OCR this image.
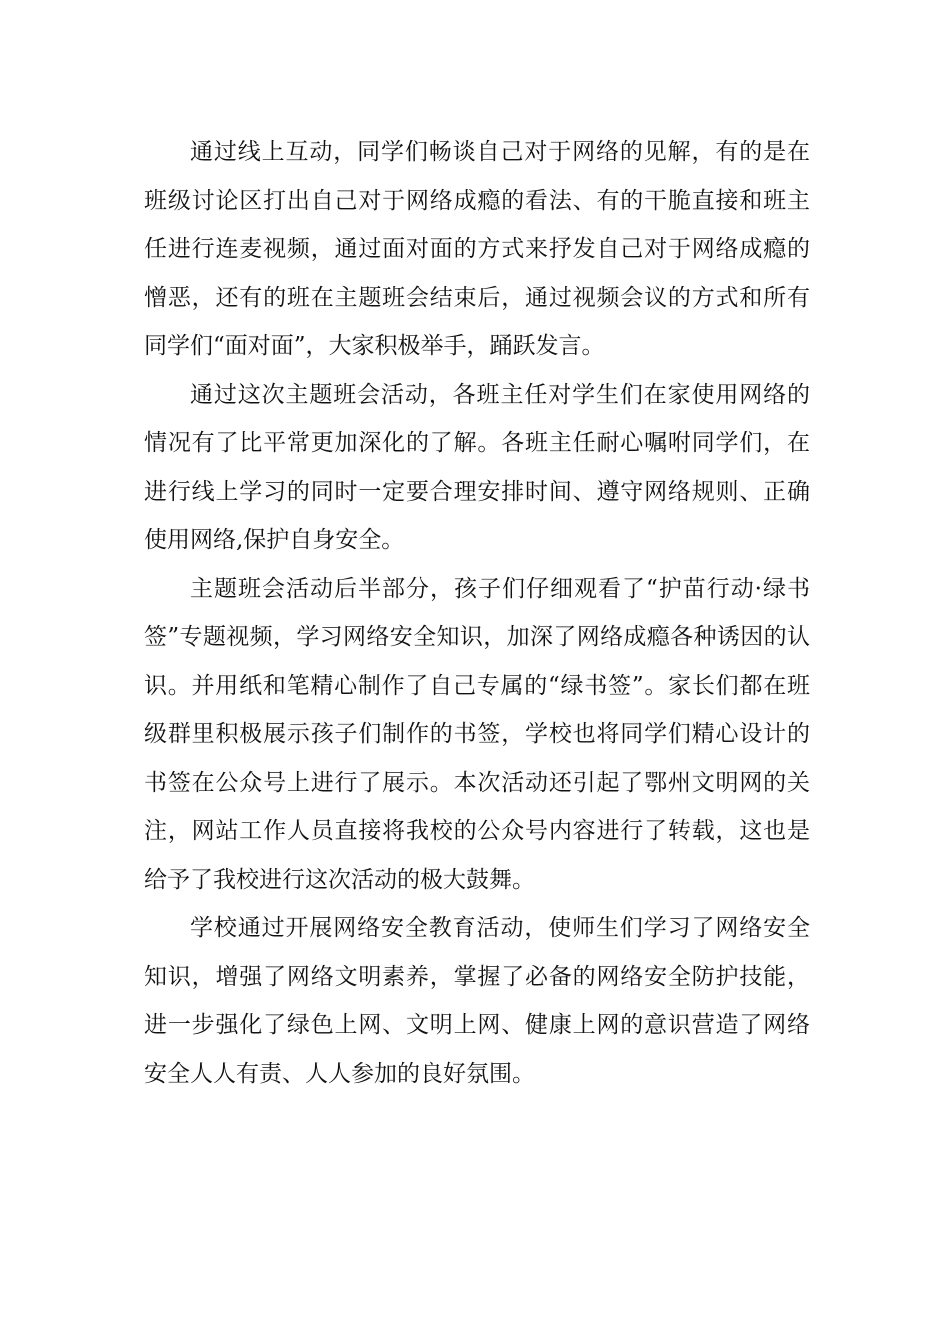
通过线上互动，同学们畅谈自己对于网络的见解，有的是在班级讨论区打出自己对于网络成瘾的看法、有的干脆直接和班主任进行连麦视频，通过面对面的方式来抒发自己对于网络成瘾的憎恶，还有的班在主题班会结束后，通过视频会议的方式和所有同学们“面对面”，大家积极举手，踊跃发言。

通过这次主题班会活动，各班主任对学生们在家使用网络的情况有了比平常更加深化的了解。各班主任耐心嘱咐同学们，在进行线上学习的同时一定要合理安排时间、遵守网络规则、正确使用网络,保护自身安全。

主题班会活动后半部分，孩子们仔细观看了“护苗行动·绿书签”专题视频，学习网络安全知识，加深了网络成瘾各种诱因的认识。并用纸和笔精心制作了自己专属的“绿书签”。家长们都在班级群里积极展示孩子们制作的书签，学校也将同学们精心设计的书签在公众号上进行了展示。本次活动还引起了鄂州文明网的关注，网站工作人员直接将我校的公众号内容进行了转载，这也是给予了我校进行这次活动的极大鼓舞。

学校通过开展网络安全教育活动，使师生们学习了网络安全知识，增强了网络文明素养，掌握了必备的网络安全防护技能，进一步强化了绿色上网、文明上网、健康上网的意识营造了网络安全人人有责、人人参加的良好氛围。
